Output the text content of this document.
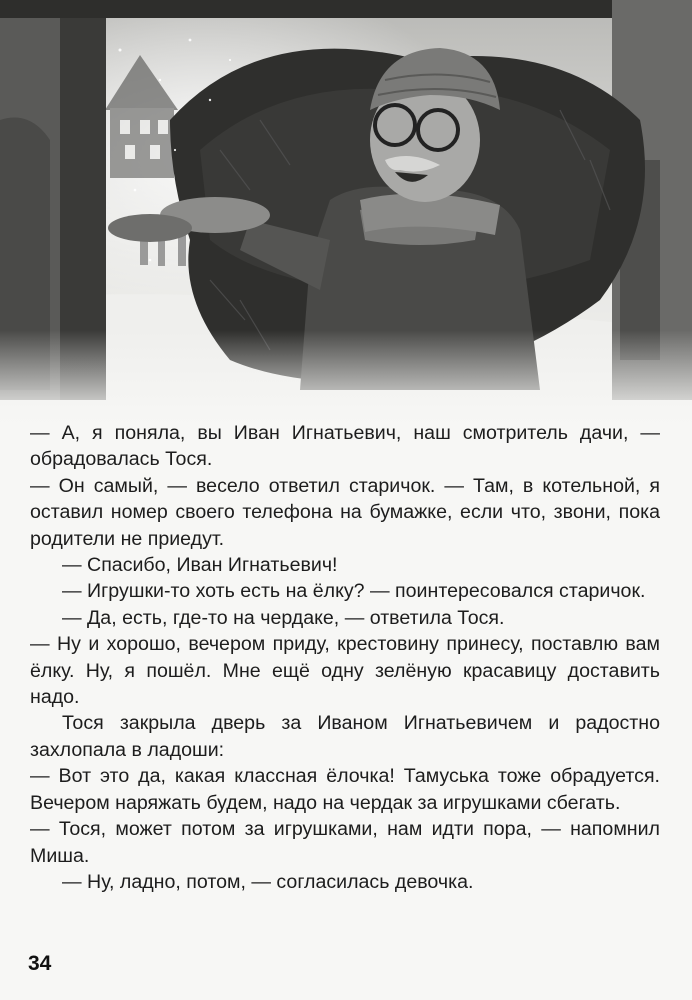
— А, я поняла, вы Иван Игнатьевич, наш смотритель дачи, — обрадовалась Тося.

— Он самый, — весело ответил старичок. — Там, в котельной, я оставил номер своего телефона на бумажке, если что, звони, пока родители не приедут.

— Спасибо, Иван Игнатьевич!

— Игрушки-то хоть есть на ёлку? — поинтересовался старичок.

— Да, есть, где-то на чердаке, — ответила Тося.

— Ну и хорошо, вечером приду, крестовину принесу, поставлю вам ёлку. Ну, я пошёл. Мне ещё одну зелёную красавицу доставить надо.

Тося закрыла дверь за Иваном Игнатьевичем и радостно захлопала в ладоши:

— Вот это да, какая классная ёлочка! Тамуська тоже обрадуется. Вечером наряжать будем, надо на чердак за игрушками сбегать.

— Тося, может потом за игрушками, нам идти пора, — напомнил Миша.

— Ну, ладно, потом, — согласилась девочка.

34
